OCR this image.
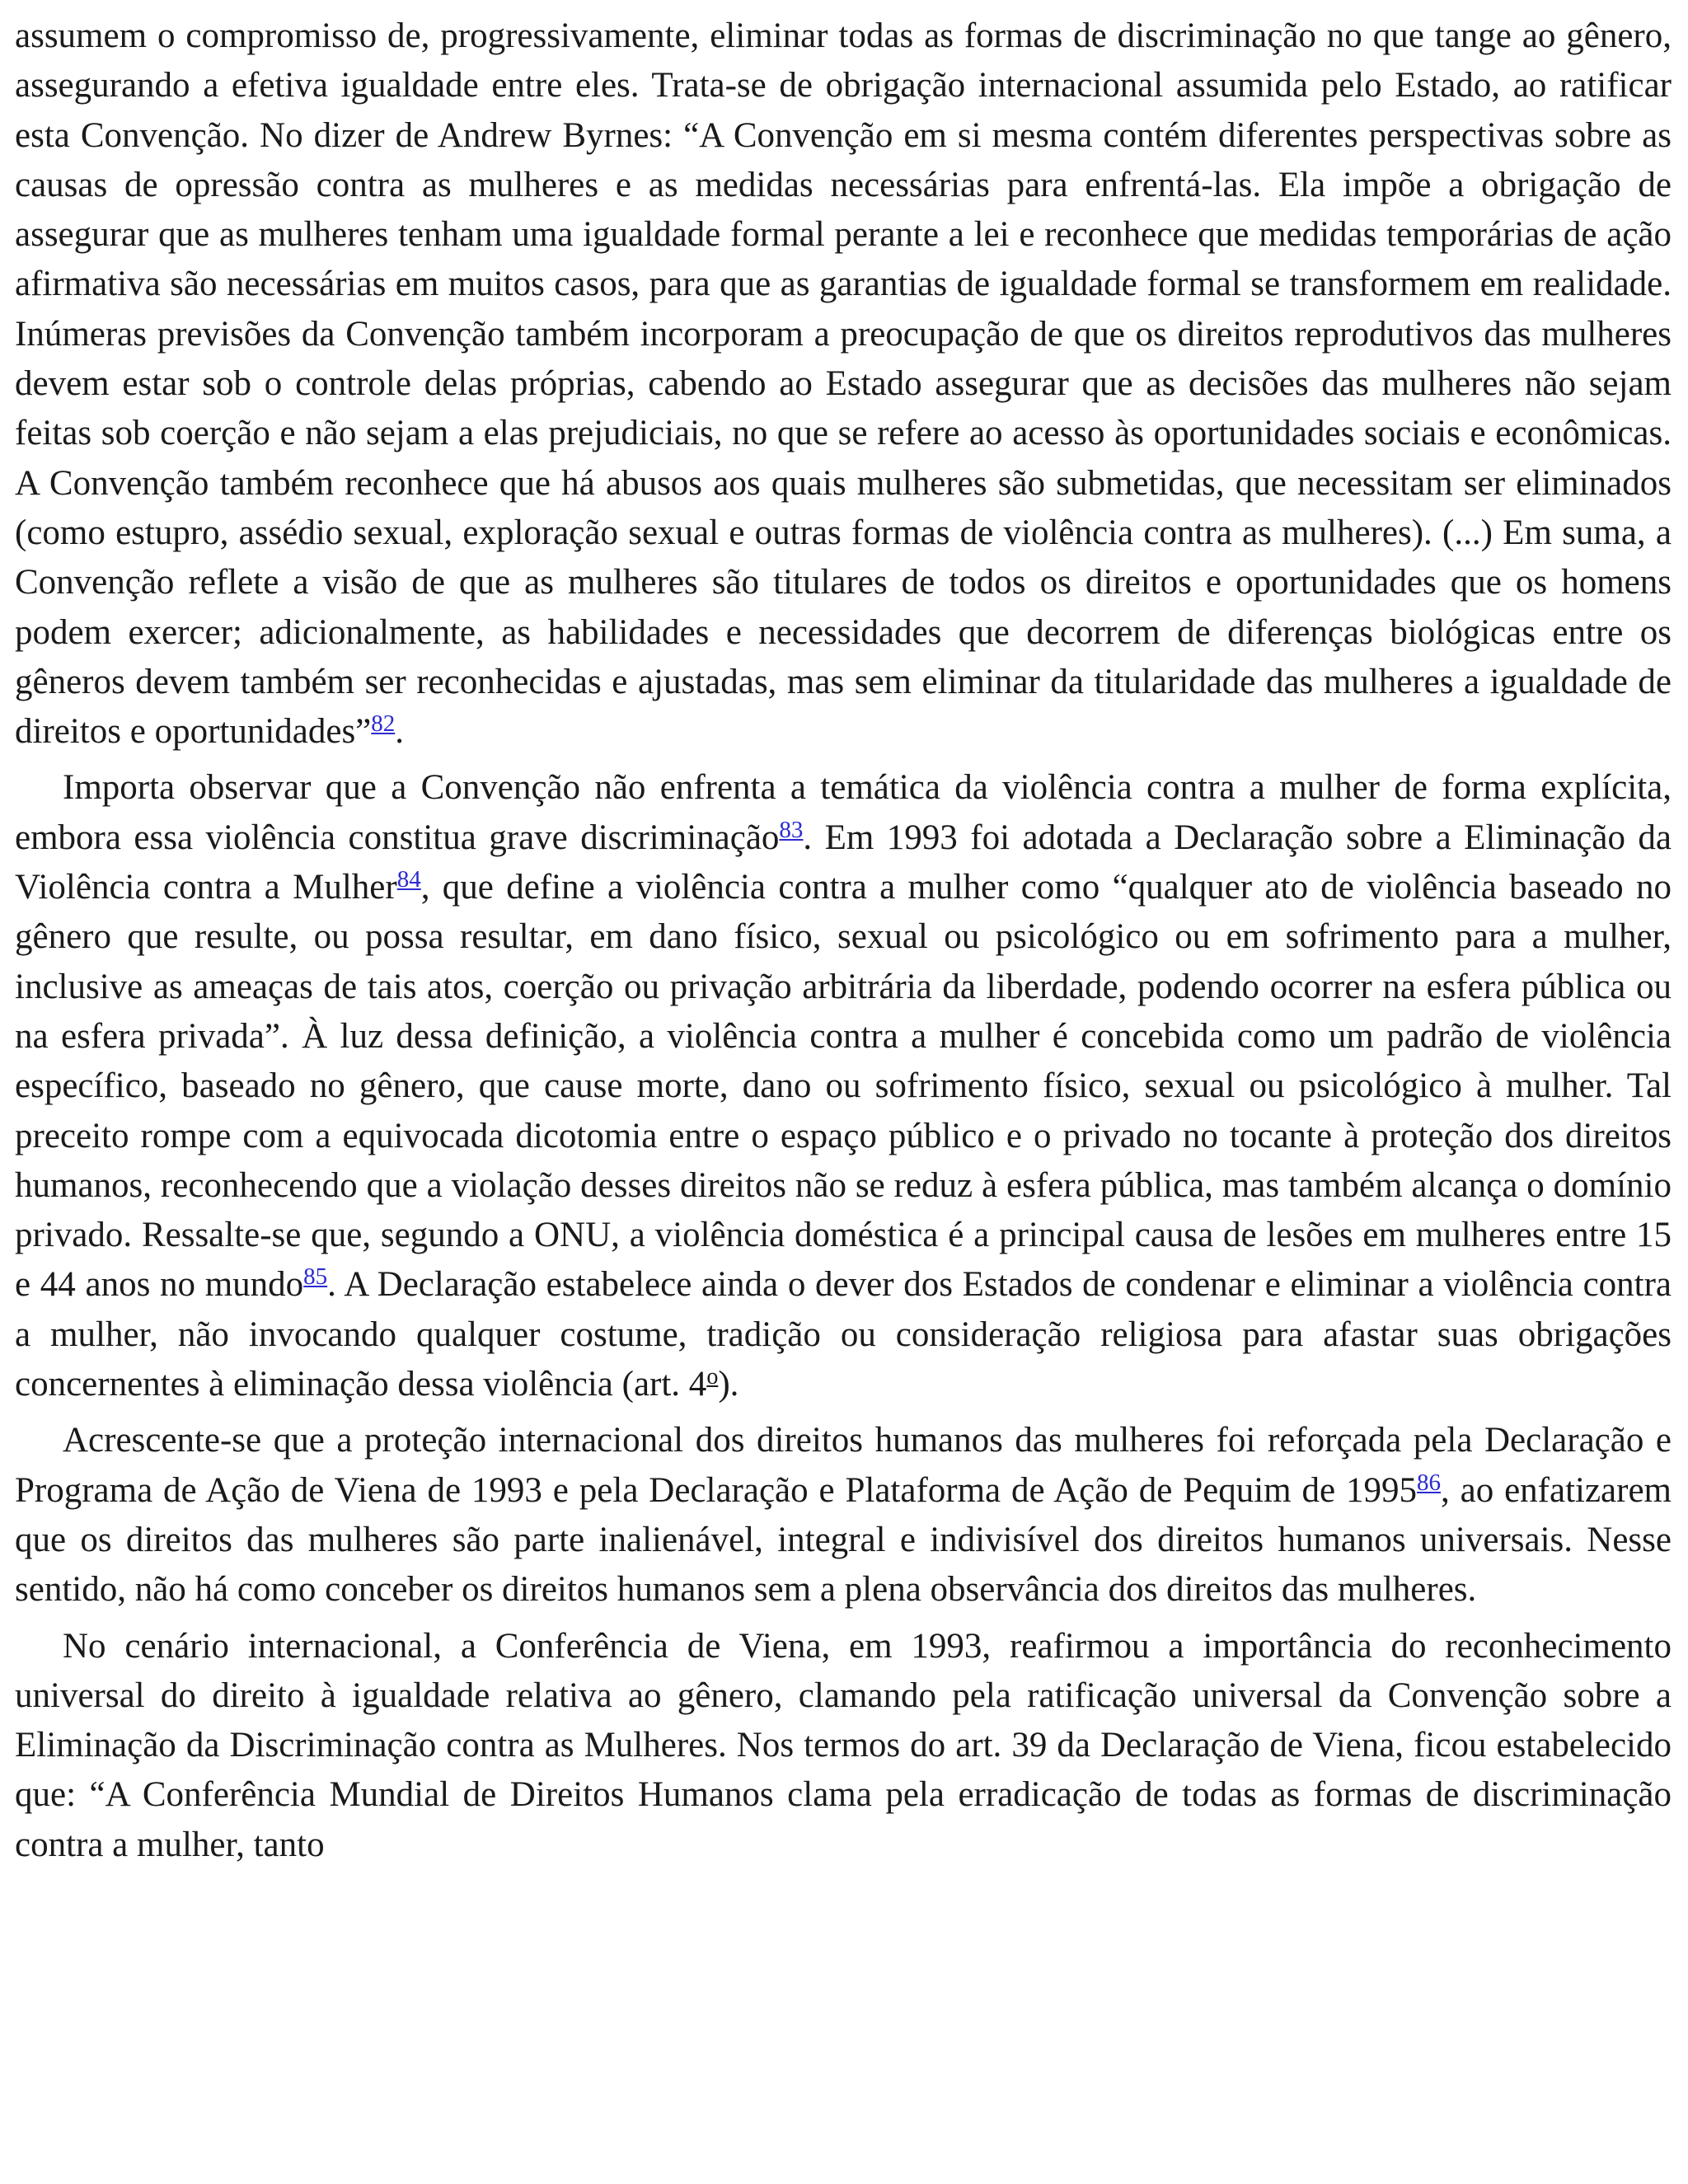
assumem o compromisso de, progressivamente, eliminar todas as formas de discriminação no que tange ao gênero, assegurando a efetiva igualdade entre eles. Trata-se de obrigação internacional assumida pelo Estado, ao ratificar esta Convenção. No dizer de Andrew Byrnes: “A Convenção em si mesma contém diferentes perspectivas sobre as causas de opressão contra as mulheres e as medidas necessárias para enfrentá-las. Ela impõe a obrigação de assegurar que as mulheres tenham uma igualdade formal perante a lei e reconhece que medidas temporárias de ação afirmativa são necessárias em muitos casos, para que as garantias de igualdade formal se transformem em realidade. Inúmeras previsões da Convenção também incorporam a preocupação de que os direitos reprodutivos das mulheres devem estar sob o controle delas próprias, cabendo ao Estado assegurar que as decisões das mulheres não sejam feitas sob coerção e não sejam a elas prejudiciais, no que se refere ao acesso às oportunidades sociais e econômicas. A Convenção também reconhece que há abusos aos quais mulheres são submetidas, que necessitam ser eliminados (como estupro, assédio sexual, exploração sexual e outras formas de violência contra as mulheres). (...) Em suma, a Convenção reflete a visão de que as mulheres são titulares de todos os direitos e oportunidades que os homens podem exercer; adicionalmente, as habilidades e necessidades que decorrem de diferenças biológicas entre os gêneros devem também ser reconhecidas e ajustadas, mas sem eliminar da titularidade das mulheres a igualdade de direitos e oportunidades”$^{82}$.

Importa observar que a Convenção não enfrenta a temática da violência contra a mulher de forma explícita, embora essa violência constitua grave discriminação$^{83}$. Em 1993 foi adotada a Declaração sobre a Eliminação da Violência contra a Mulher$^{84}$, que define a violência contra a mulher como “qualquer ato de violência baseado no gênero que resulte, ou possa resultar, em dano físico, sexual ou psicológico ou em sofrimento para a mulher, inclusive as ameaças de tais atos, coerção ou privação arbitrária da liberdade, podendo ocorrer na esfera pública ou na esfera privada”. À luz dessa definição, a violência contra a mulher é concebida como um padrão de violência específico, baseado no gênero, que cause morte, dano ou sofrimento físico, sexual ou psicológico à mulher. Tal preceito rompe com a equivocada dicotomia entre o espaço público e o privado no tocante à proteção dos direitos humanos, reconhecendo que a violação desses direitos não se reduz à esfera pública, mas também alcança o domínio privado. Ressalte-se que, segundo a ONU, a violência doméstica é a principal causa de lesões em mulheres entre 15 e 44 anos no mundo$^{85}$. A Declaração estabelece ainda o dever dos Estados de condenar e eliminar a violência contra a mulher, não invocando qualquer costume, tradição ou consideração religiosa para afastar suas obrigações concernentes à eliminação dessa violência (art. 4$^o$).

Acrescente-se que a proteção internacional dos direitos humanos das mulheres foi reforçada pela Declaração e Programa de Ação de Viena de 1993 e pela Declaração e Plataforma de Ação de Pequim de 1995$^{86}$, ao enfatizarem que os direitos das mulheres são parte inalienável, integral e indivisível dos direitos humanos universais. Nesse sentido, não há como conceber os direitos humanos sem a plena observância dos direitos das mulheres.

No cenário internacional, a Conferência de Viena, em 1993, reafirmou a importância do reconhecimento universal do direito à igualdade relativa ao gênero, clamando pela ratificação universal da Convenção sobre a Eliminação da Discriminação contra as Mulheres. Nos termos do art. 39 da Declaração de Viena, ficou estabelecido que: “A Conferência Mundial de Direitos Humanos clama pela erradicação de todas as formas de discriminação contra a mulher, tanto
